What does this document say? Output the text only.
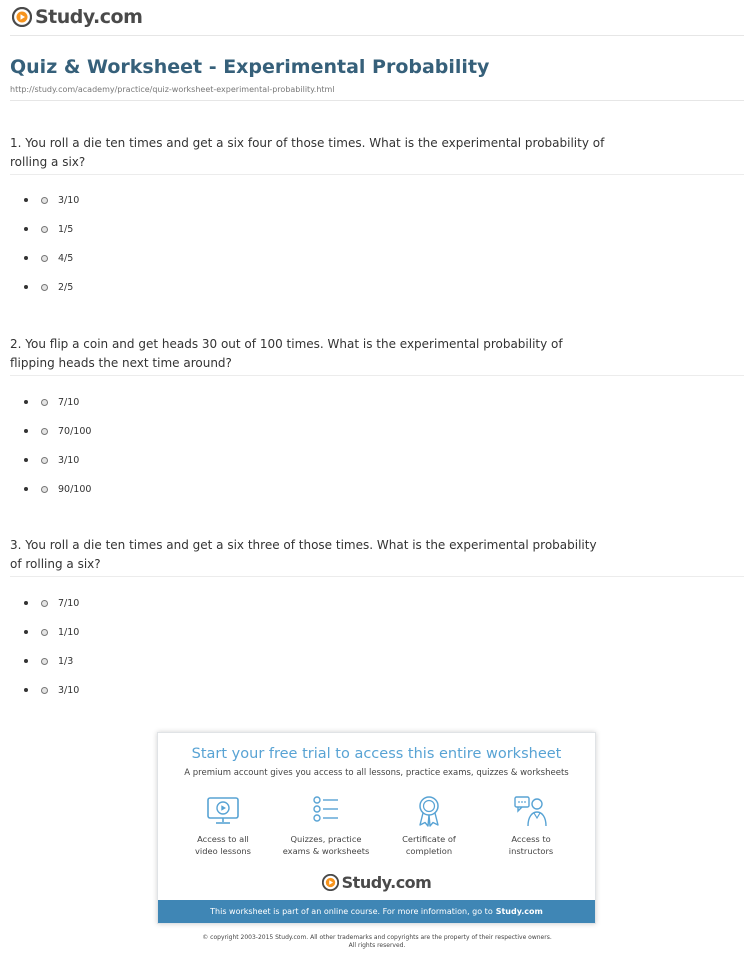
Study.com
Quiz & Worksheet - Experimental Probability
http://study.com/academy/practice/quiz-worksheet-experimental-probability.html
1. You roll a die ten times and get a six four of those times. What is the experimental probability of rolling a six?
3/10
1/5
4/5
2/5
2. You flip a coin and get heads 30 out of 100 times. What is the experimental probability of flipping heads the next time around?
7/10
70/100
3/10
90/100
3. You roll a die ten times and get a six three of those times. What is the experimental probability of rolling a six?
7/10
1/10
1/3
3/10
Start your free trial to access this entire worksheet
A premium account gives you access to all lessons, practice exams, quizzes & worksheets
Access to all
video lessons
Quizzes, practice
exams & worksheets
Certificate of
completion
Access to
instructors
Study.com
This worksheet is part of an online course. For more information, go to Study.com
© copyright 2003-2015 Study.com. All other trademarks and copyrights are the property of their respective owners.
All rights reserved.
